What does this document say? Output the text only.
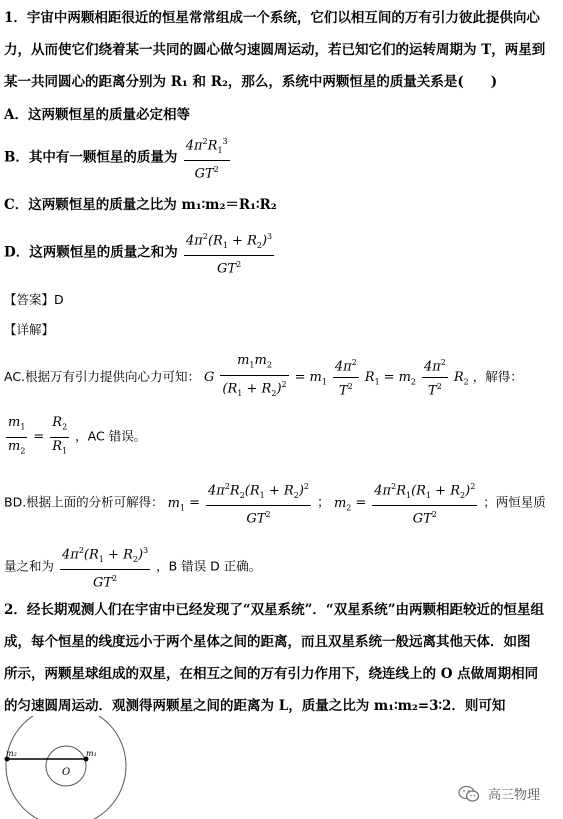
1．宇宙中两颗相距很近的恒星常常组成一个系统，它们以相互间的万有引力彼此提供向心
力，从而使它们绕着某一共同的圆心做匀速圆周运动，若已知它们的运转周期为 T，两星到
某一共同圆心的距离分别为 R₁ 和 R₂，那么，系统中两颗恒星的质量关系是(　　)
A．这两颗恒星的质量必定相等
B．其中有一颗恒星的质量为 $\frac{4\pi^2R_1^3}{GT^2}$
C．这两颗恒星的质量之比为 m₁∶m₂＝R₁∶R₂
D．这两颗恒星的质量之和为 $\frac{4\pi^2(R_1 + R_2)^3}{GT^2}$
【答案】D
【详解】
AC.根据万有引力提供向心力可知： G $\frac{m_1m_2}{(R_1 + R_2)^2} = m_1 \frac{4\pi^2}{T^2} R_1 = m_2 \frac{4\pi^2}{T^2} R_2$ ，解得：
$\frac{m_1}{m_2} = \frac{R_2}{R_1}$ ，AC 错误。
BD.根据上面的分析可解得： $m_1 = \frac{4\pi^2R_2(R_1 + R_2)^2}{GT^2}$ ； $m_2 = \frac{4\pi^2R_1(R_1 + R_2)^2}{GT^2}$ ；两恒星质
量之和为 $\frac{4\pi^2(R_1 + R_2)^3}{GT^2}$ ，B 错误 D 正确。
2．经长期观测人们在宇宙中已经发现了“双星系统”．“双星系统”由两颗相距较近的恒星组
成，每个恒星的线度远小于两个星体之间的距离，而且双星系统一般远离其他天体．如图
所示，两颗星球组成的双星，在相互之间的万有引力作用下，绕连线上的 O 点做周期相同
的匀速圆周运动．观测得两颗星之间的距离为 L，质量之比为 m₁∶m₂=3∶2．则可知
m₂	m₁
O
高三物理
